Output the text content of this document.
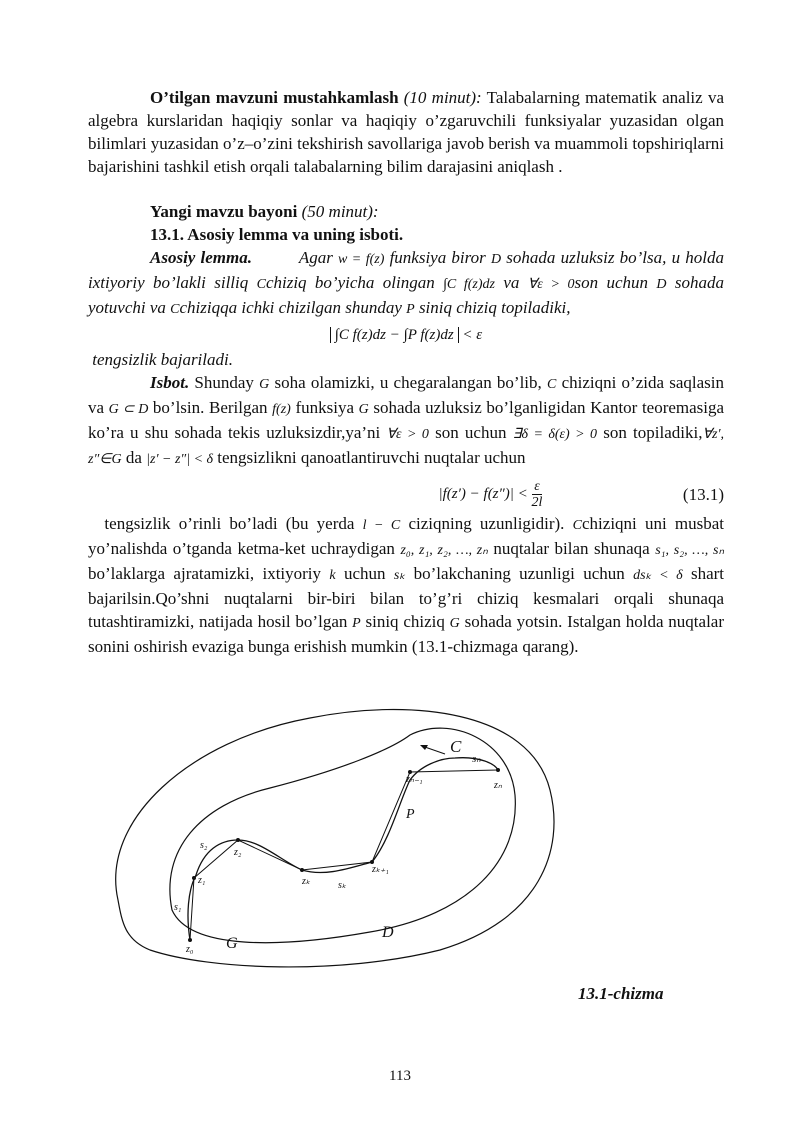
O’tilgan mavzuni mustahkamlash (10 minut): Talabalarning matematik analiz va algebra kurslaridan haqiqiy sonlar va haqiqiy o’zgaruvchili funksiyalar yuzasidan olgan bilimlari yuzasidan o’z–o’zini tekshirish savollariga javob berish va muammoli topshiriqlarni bajarishini tashkil etish orqali talabalarning bilim darajasini aniqlash .

Yangi mavzu bayoni (50 minut):

13.1. Asosiy lemma va uning isboti.

Asosiy lemma.	Agar w = f(z) funksiya biror D sohada uzluksiz bo’lsa, u holda ixtiyoriy bo’lakli silliq Cchiziq bo’yicha olingan ∫C f(z)dz va ∀ε > 0son uchun D sohada yotuvchi va Cchiziqqa ichki chizilgan shunday P siniq chiziq topiladiki,

∫C f(z)dz − ∫P f(z)dz < ε

tengsizlik bajariladi.

Isbot. Shunday G soha olamizki, u chegaralangan bo’lib, C chiziqni o’zida saqlasin va G ⊂ D bo’lsin. Berilgan f(z) funksiya G sohada uzluksiz bo’lganligidan Kantor teoremasiga ko’ra u shu sohada tekis uzluksizdir,ya’ni ∀ε > 0 son uchun ∃δ = δ(ε) > 0 son topiladiki,∀z′, z″∈G da |z′ − z″| < δ tengsizlikni qanoatlantiruvchi nuqtalar uchun

$|f(z') - f(z'')| < \frac{\varepsilon}{2l}$	(13.1)

tengsizlik o’rinli bo’ladi (bu yerda l − C ciziqning uzunligidir). Cchiziqni uni musbat yo’nalishda o’tganda ketma-ket uchraydigan z₀, z₁, z₂, …, zₙ nuqtalar bilan shunaqa s₁, s₂, …, sₙ bo’laklarga ajratamizki, ixtiyoriy k uchun sₖ bo’lakchaning uzunligi uchun dsₖ < δ shart bajarilsin.Qo’shni nuqtalarni bir-biri bilan to’g’ri chiziq kesmalari orqali shunaqa tutashtiramizki, natijada hosil bo’lgan P siniq chiziq G sohada yotsin. Istalgan holda nuqtalar sonini oshirish evaziga bunga erishish mumkin (13.1-chizmaga qarang).

C
sₙ
zₙ₋₁
zₙ
P
s₂
z₂
z₁
s₁
z₀
zₖ	sₖ
zₖ₊₁
G
D
13.1-chizma
113
